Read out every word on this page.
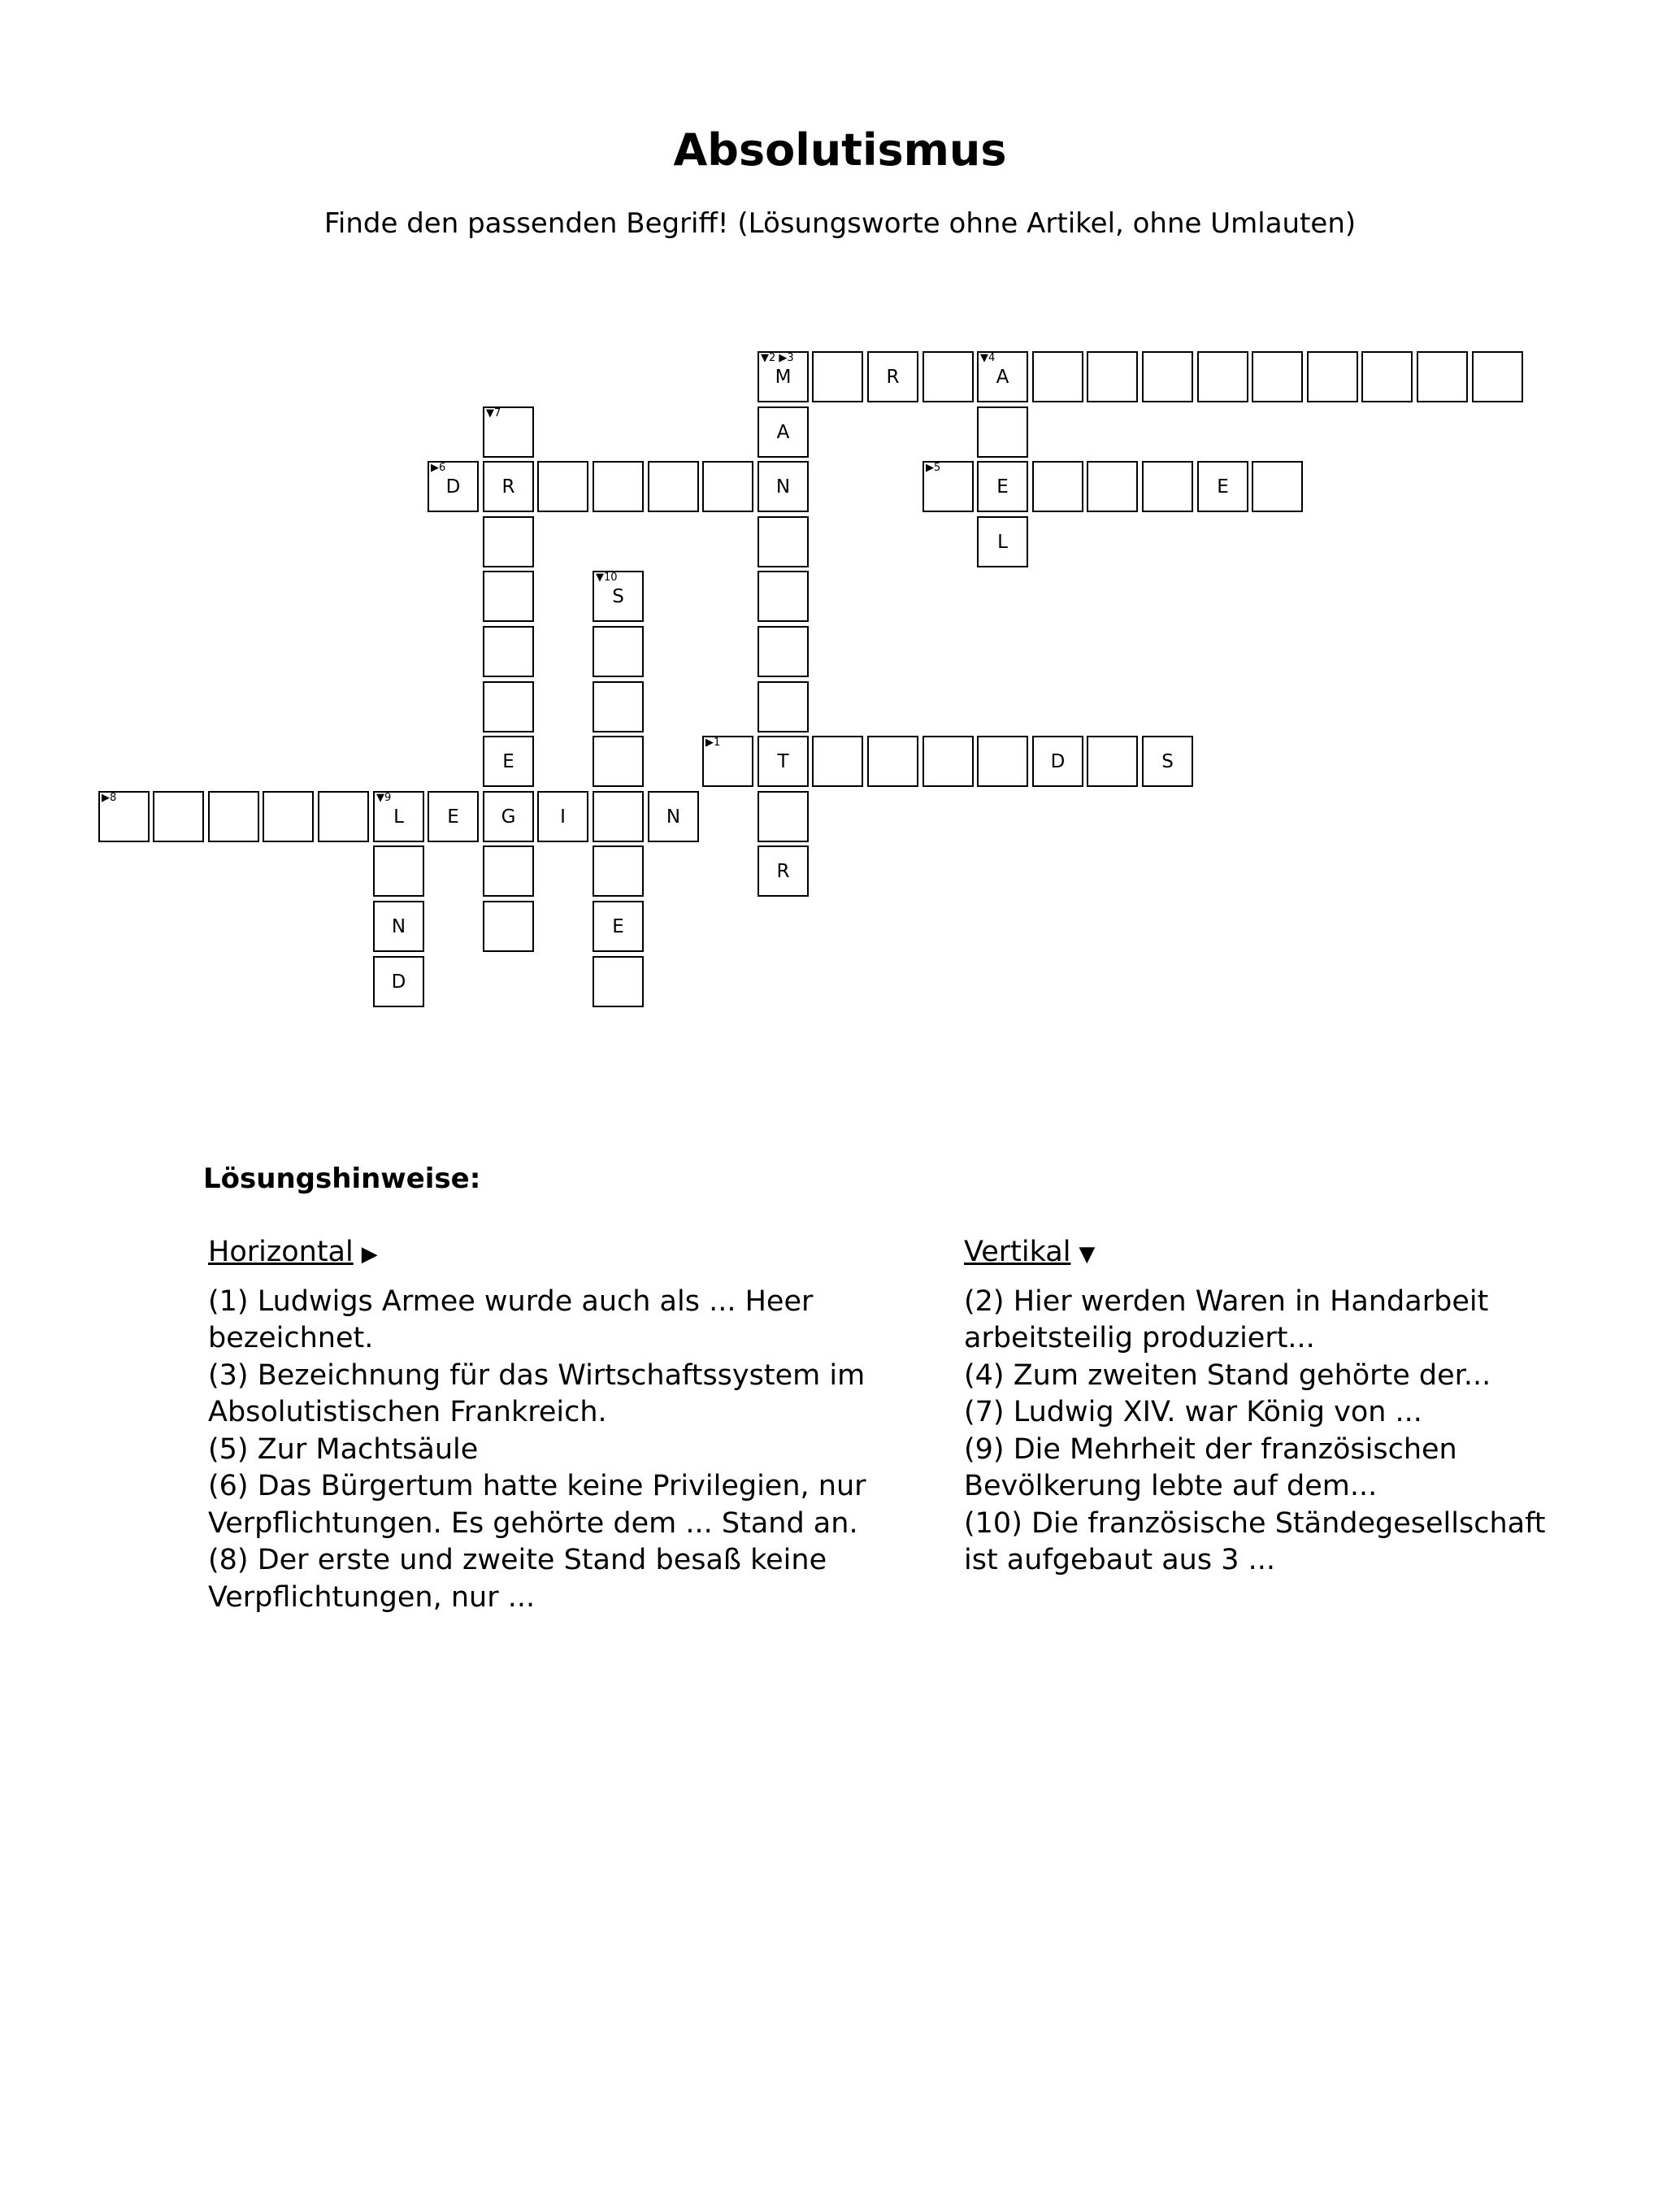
Absolutismus
Finde den passenden Begriff! (Lösungsworte ohne Artikel, ohne Umlauten)
▼2 ▶3
M	R
▼4
A
▼7
A
▶6
D	R	N
▶5
E	E
L
▼10
S
E
▶1
T	D	S
▶8	▼9
L	E	G	I	N
R
N	E
D
Lösungshinweise:
Horizontal ▶

(1) Ludwigs Armee wurde auch als ... Heer bezeichnet.

(3) Bezeichnung für das Wirtschaftssystem im Absolutistischen Frankreich.

(5) Zur Machtsäule

(6) Das Bürgertum hatte keine Privilegien, nur Verpflichtungen. Es gehörte dem ... Stand an.

(8) Der erste und zweite Stand besaß keine Verpflichtungen, nur ...

Vertikal ▼

(2) Hier werden Waren in Handarbeit arbeitsteilig produziert...

(4) Zum zweiten Stand gehörte der...

(7) Ludwig XIV. war König von ...

(9) Die Mehrheit der französischen Bevölkerung lebte auf dem...

(10) Die französische Ständegesellschaft ist aufgebaut aus 3 ...
